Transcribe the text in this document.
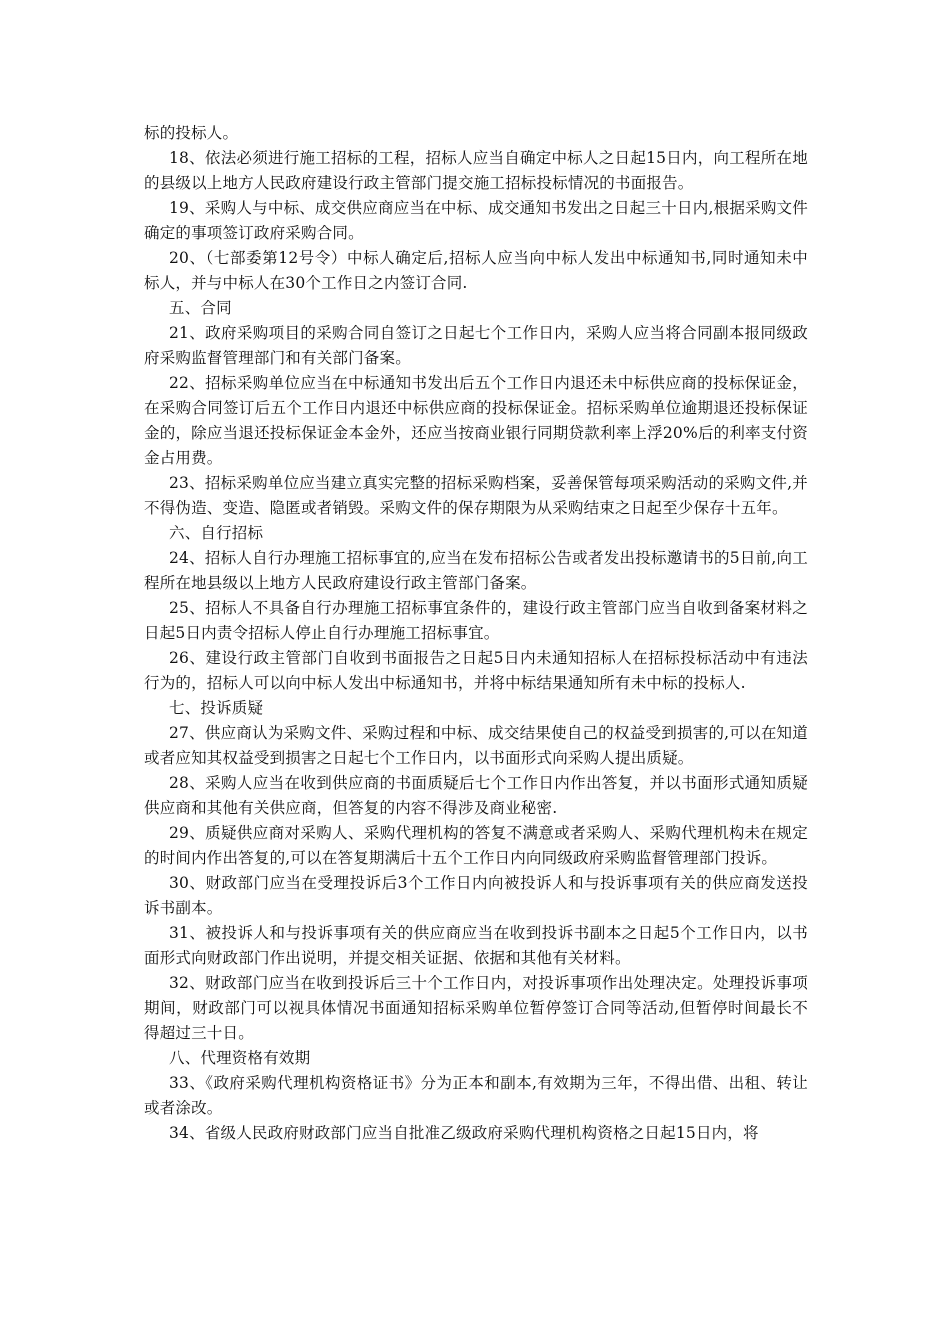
标的投标人。

18、依法必须进行施工招标的工程，招标人应当自确定中标人之日起15日内，向工程所在地的县级以上地方人民政府建设行政主管部门提交施工招标投标情况的书面报告。

19、采购人与中标、成交供应商应当在中标、成交通知书发出之日起三十日内,根据采购文件确定的事项签订政府采购合同。

20、（七部委第12号令）中标人确定后,招标人应当向中标人发出中标通知书,同时通知未中标人，并与中标人在30个工作日之内签订合同.

五、合同

21、政府采购项目的采购合同自签订之日起七个工作日内，采购人应当将合同副本报同级政府采购监督管理部门和有关部门备案。

22、招标采购单位应当在中标通知书发出后五个工作日内退还未中标供应商的投标保证金，在采购合同签订后五个工作日内退还中标供应商的投标保证金。招标采购单位逾期退还投标保证金的，除应当退还投标保证金本金外，还应当按商业银行同期贷款利率上浮20%后的利率支付资金占用费。

23、招标采购单位应当建立真实完整的招标采购档案，妥善保管每项采购活动的采购文件,并不得伪造、变造、隐匿或者销毁。采购文件的保存期限为从采购结束之日起至少保存十五年。

六、自行招标

24、招标人自行办理施工招标事宜的,应当在发布招标公告或者发出投标邀请书的5日前,向工程所在地县级以上地方人民政府建设行政主管部门备案。

25、招标人不具备自行办理施工招标事宜条件的，建设行政主管部门应当自收到备案材料之日起5日内责令招标人停止自行办理施工招标事宜。

26、建设行政主管部门自收到书面报告之日起5日内未通知招标人在招标投标活动中有违法行为的，招标人可以向中标人发出中标通知书，并将中标结果通知所有未中标的投标人.

七、投诉质疑

27、供应商认为采购文件、采购过程和中标、成交结果使自己的权益受到损害的,可以在知道或者应知其权益受到损害之日起七个工作日内，以书面形式向采购人提出质疑。

28、采购人应当在收到供应商的书面质疑后七个工作日内作出答复，并以书面形式通知质疑供应商和其他有关供应商，但答复的内容不得涉及商业秘密.

29、质疑供应商对采购人、采购代理机构的答复不满意或者采购人、采购代理机构未在规定的时间内作出答复的,可以在答复期满后十五个工作日内向同级政府采购监督管理部门投诉。

30、财政部门应当在受理投诉后3个工作日内向被投诉人和与投诉事项有关的供应商发送投诉书副本。

31、被投诉人和与投诉事项有关的供应商应当在收到投诉书副本之日起5个工作日内，以书面形式向财政部门作出说明，并提交相关证据、依据和其他有关材料。

32、财政部门应当在收到投诉后三十个工作日内，对投诉事项作出处理决定。处理投诉事项期间，财政部门可以视具体情况书面通知招标采购单位暂停签订合同等活动,但暂停时间最长不得超过三十日。

八、代理资格有效期

33、《政府采购代理机构资格证书》分为正本和副本,有效期为三年，不得出借、出租、转让或者涂改。

34、省级人民政府财政部门应当自批准乙级政府采购代理机构资格之日起15日内，将
